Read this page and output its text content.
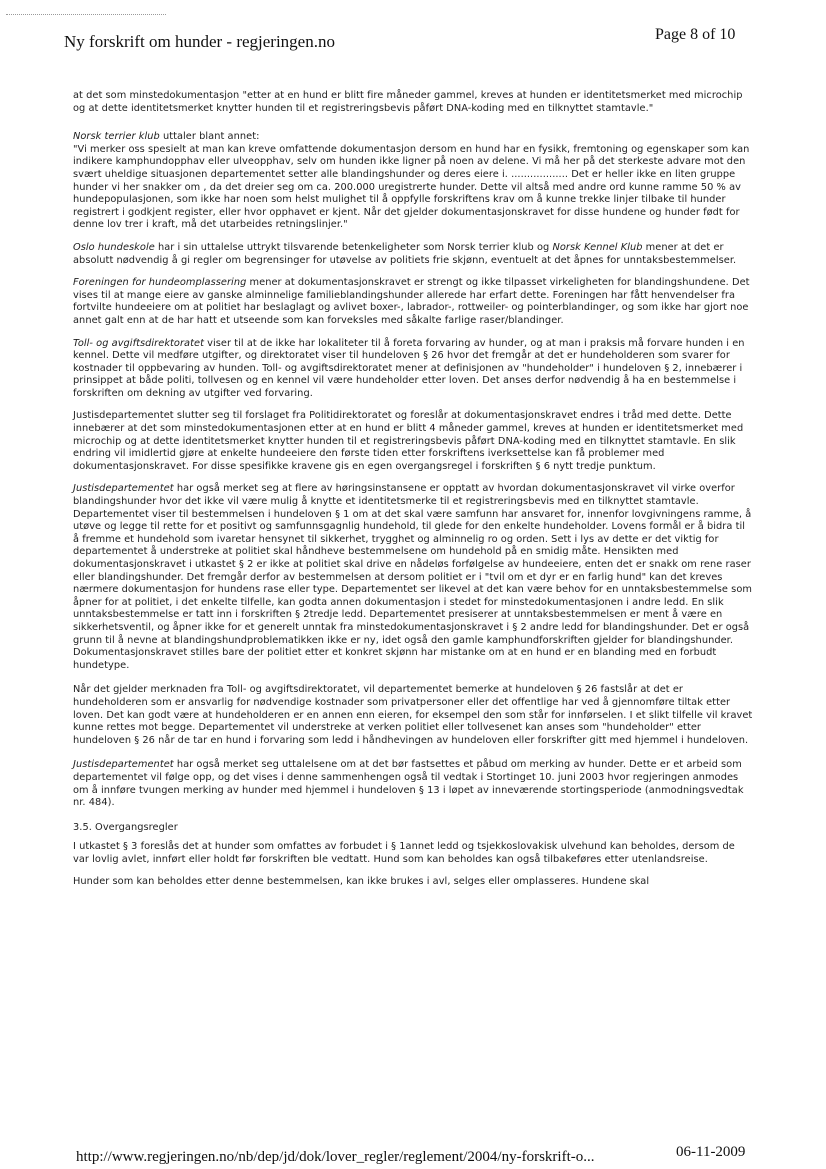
Ny forskrift om hunder - regjeringen.no	Page 8 of 10

at det som minstedokumentasjon "etter at en hund er blitt fire måneder gammel, kreves at hunden er identitetsmerket med microchip og at dette identitetsmerket knytter hunden til et registreringsbevis påført DNA-koding med en tilknyttet stamtavle."

Norsk terrier klub uttaler blant annet:
"Vi merker oss spesielt at man kan kreve omfattende dokumentasjon dersom en hund har en fysikk, fremtoning og egenskaper som kan indikere kamphundopphav eller ulveopphav, selv om hunden ikke ligner på noen av delene. Vi må her på det sterkeste advare mot den svært uheldige situasjonen departementet setter alle blandingshunder og deres eiere i. .................. Det er heller ikke en liten gruppe hunder vi her snakker om , da det dreier seg om ca. 200.000 uregistrerte hunder. Dette vil altså med andre ord kunne ramme 50 % av hundepopulasjonen, som ikke har noen som helst mulighet til å oppfylle forskriftens krav om å kunne trekke linjer tilbake til hunder registrert i godkjent register, eller hvor opphavet er kjent. Når det gjelder dokumentasjonskravet for disse hundene og hunder født for denne lov trer i kraft, må det utarbeides retningslinjer."

Oslo hundeskole har i sin uttalelse uttrykt tilsvarende betenkeligheter som Norsk terrier klub og Norsk Kennel Klub mener at det er absolutt nødvendig å gi regler om begrensinger for utøvelse av politiets frie skjønn, eventuelt at det åpnes for unntaksbestemmelser.

Foreningen for hundeomplassering mener at dokumentasjonskravet er strengt og ikke tilpasset virkeligheten for blandingshundene. Det vises til at mange eiere av ganske alminnelige familieblandingshunder allerede har erfart dette. Foreningen har fått henvendelser fra fortvilte hundeeiere om at politiet har beslaglagt og avlivet boxer-, labrador-, rottweiler- og pointerblandinger, og som ikke har gjort noe annet galt enn at de har hatt et utseende som kan forveksles med såkalte farlige raser/blandinger.

Toll- og avgiftsdirektoratet viser til at de ikke har lokaliteter til å foreta forvaring av hunder, og at man i praksis må forvare hunden i en kennel. Dette vil medføre utgifter, og direktoratet viser til hundeloven § 26 hvor det fremgår at det er hundeholderen som svarer for kostnader til oppbevaring av hunden. Toll- og avgiftsdirektoratet mener at definisjonen av "hundeholder" i hundeloven § 2, innebærer i prinsippet at både politi, tollvesen og en kennel vil være hundeholder etter loven. Det anses derfor nødvendig å ha en bestemmelse i forskriften om dekning av utgifter ved forvaring.

Justisdepartementet slutter seg til forslaget fra Politidirektoratet og foreslår at dokumentasjonskravet endres i tråd med dette. Dette innebærer at det som minstedokumentasjonen etter at en hund er blitt 4 måneder gammel, kreves at hunden er identitetsmerket med microchip og at dette identitetsmerket knytter hunden til et registreringsbevis påført DNA-koding med en tilknyttet stamtavle. En slik endring vil imidlertid gjøre at enkelte hundeeiere den første tiden etter forskriftens iverksettelse kan få problemer med dokumentasjonskravet. For disse spesifikke kravene gis en egen overgangsregel i forskriften § 6 nytt tredje punktum.

Justisdepartementet har også merket seg at flere av høringsinstansene er opptatt av hvordan dokumentasjonskravet vil virke overfor blandingshunder hvor det ikke vil være mulig å knytte et identitetsmerke til et registreringsbevis med en tilknyttet stamtavle. Departementet viser til bestemmelsen i hundeloven § 1 om at det skal være samfunn har ansvaret for, innenfor lovgivningens ramme, å utøve og legge til rette for et positivt og samfunnsgagnlig hundehold, til glede for den enkelte hundeholder. Lovens formål er å bidra til å fremme et hundehold som ivaretar hensynet til sikkerhet, trygghet og alminnelig ro og orden. Sett i lys av dette er det viktig for departementet å understreke at politiet skal håndheve bestemmelsene om hundehold på en smidig måte. Hensikten med dokumentasjonskravet i utkastet § 2 er ikke at politiet skal drive en nådeløs forfølgelse av hundeeiere, enten det er snakk om rene raser eller blandingshunder. Det fremgår derfor av bestemmelsen at dersom politiet er i "tvil om et dyr er en farlig hund" kan det kreves nærmere dokumentasjon for hundens rase eller type. Departementet ser likevel at det kan være behov for en unntaksbestemmelse som åpner for at politiet, i det enkelte tilfelle, kan godta annen dokumentasjon i stedet for minstedokumentasjonen i andre ledd. En slik unntaksbestemmelse er tatt inn i forskriften § 2tredje ledd. Departementet presiserer at unntaksbestemmelsen er ment å være en sikkerhetsventil, og åpner ikke for et generelt unntak fra minstedokumentasjonskravet i § 2 andre ledd for blandingshunder. Det er også grunn til å nevne at blandingshundproblematikken ikke er ny, idet også den gamle kamphundforskriften gjelder for blandingshunder. Dokumentasjonskravet stilles bare der politiet etter et konkret skjønn har mistanke om at en hund er en blanding med en forbudt hundetype.

Når det gjelder merknaden fra Toll- og avgiftsdirektoratet, vil departementet bemerke at hundeloven § 26 fastslår at det er hundeholderen som er ansvarlig for nødvendige kostnader som privatpersoner eller det offentlige har ved å gjennomføre tiltak etter loven. Det kan godt være at hundeholderen er en annen enn eieren, for eksempel den som står for innførselen. I et slikt tilfelle vil kravet kunne rettes mot begge. Departementet vil understreke at verken politiet eller tollvesenet kan anses som "hundeholder" etter hundeloven § 26 når de tar en hund i forvaring som ledd i håndhevingen av hundeloven eller forskrifter gitt med hjemmel i hundeloven.

Justisdepartementet har også merket seg uttalelsene om at det bør fastsettes et påbud om merking av hunder. Dette er et arbeid som departementet vil følge opp, og det vises i denne sammenhengen også til vedtak i Stortinget 10. juni 2003 hvor regjeringen anmodes om å innføre tvungen merking av hunder med hjemmel i hundeloven § 13 i løpet av inneværende stortingsperiode (anmodningsvedtak nr. 484).

3.5. Overgangsregler

I utkastet § 3 foreslås det at hunder som omfattes av forbudet i § 1annet ledd og tsjekkoslovakisk ulvehund kan beholdes, dersom de var lovlig avlet, innført eller holdt før forskriften ble vedtatt. Hund som kan beholdes kan også tilbakeføres etter utenlandsreise.

Hunder som kan beholdes etter denne bestemmelsen, kan ikke brukes i avl, selges eller omplasseres. Hundene skal

http://www.regjeringen.no/nb/dep/jd/dok/lover_regler/reglement/2004/ny-forskrift-o...	06-11-2009
